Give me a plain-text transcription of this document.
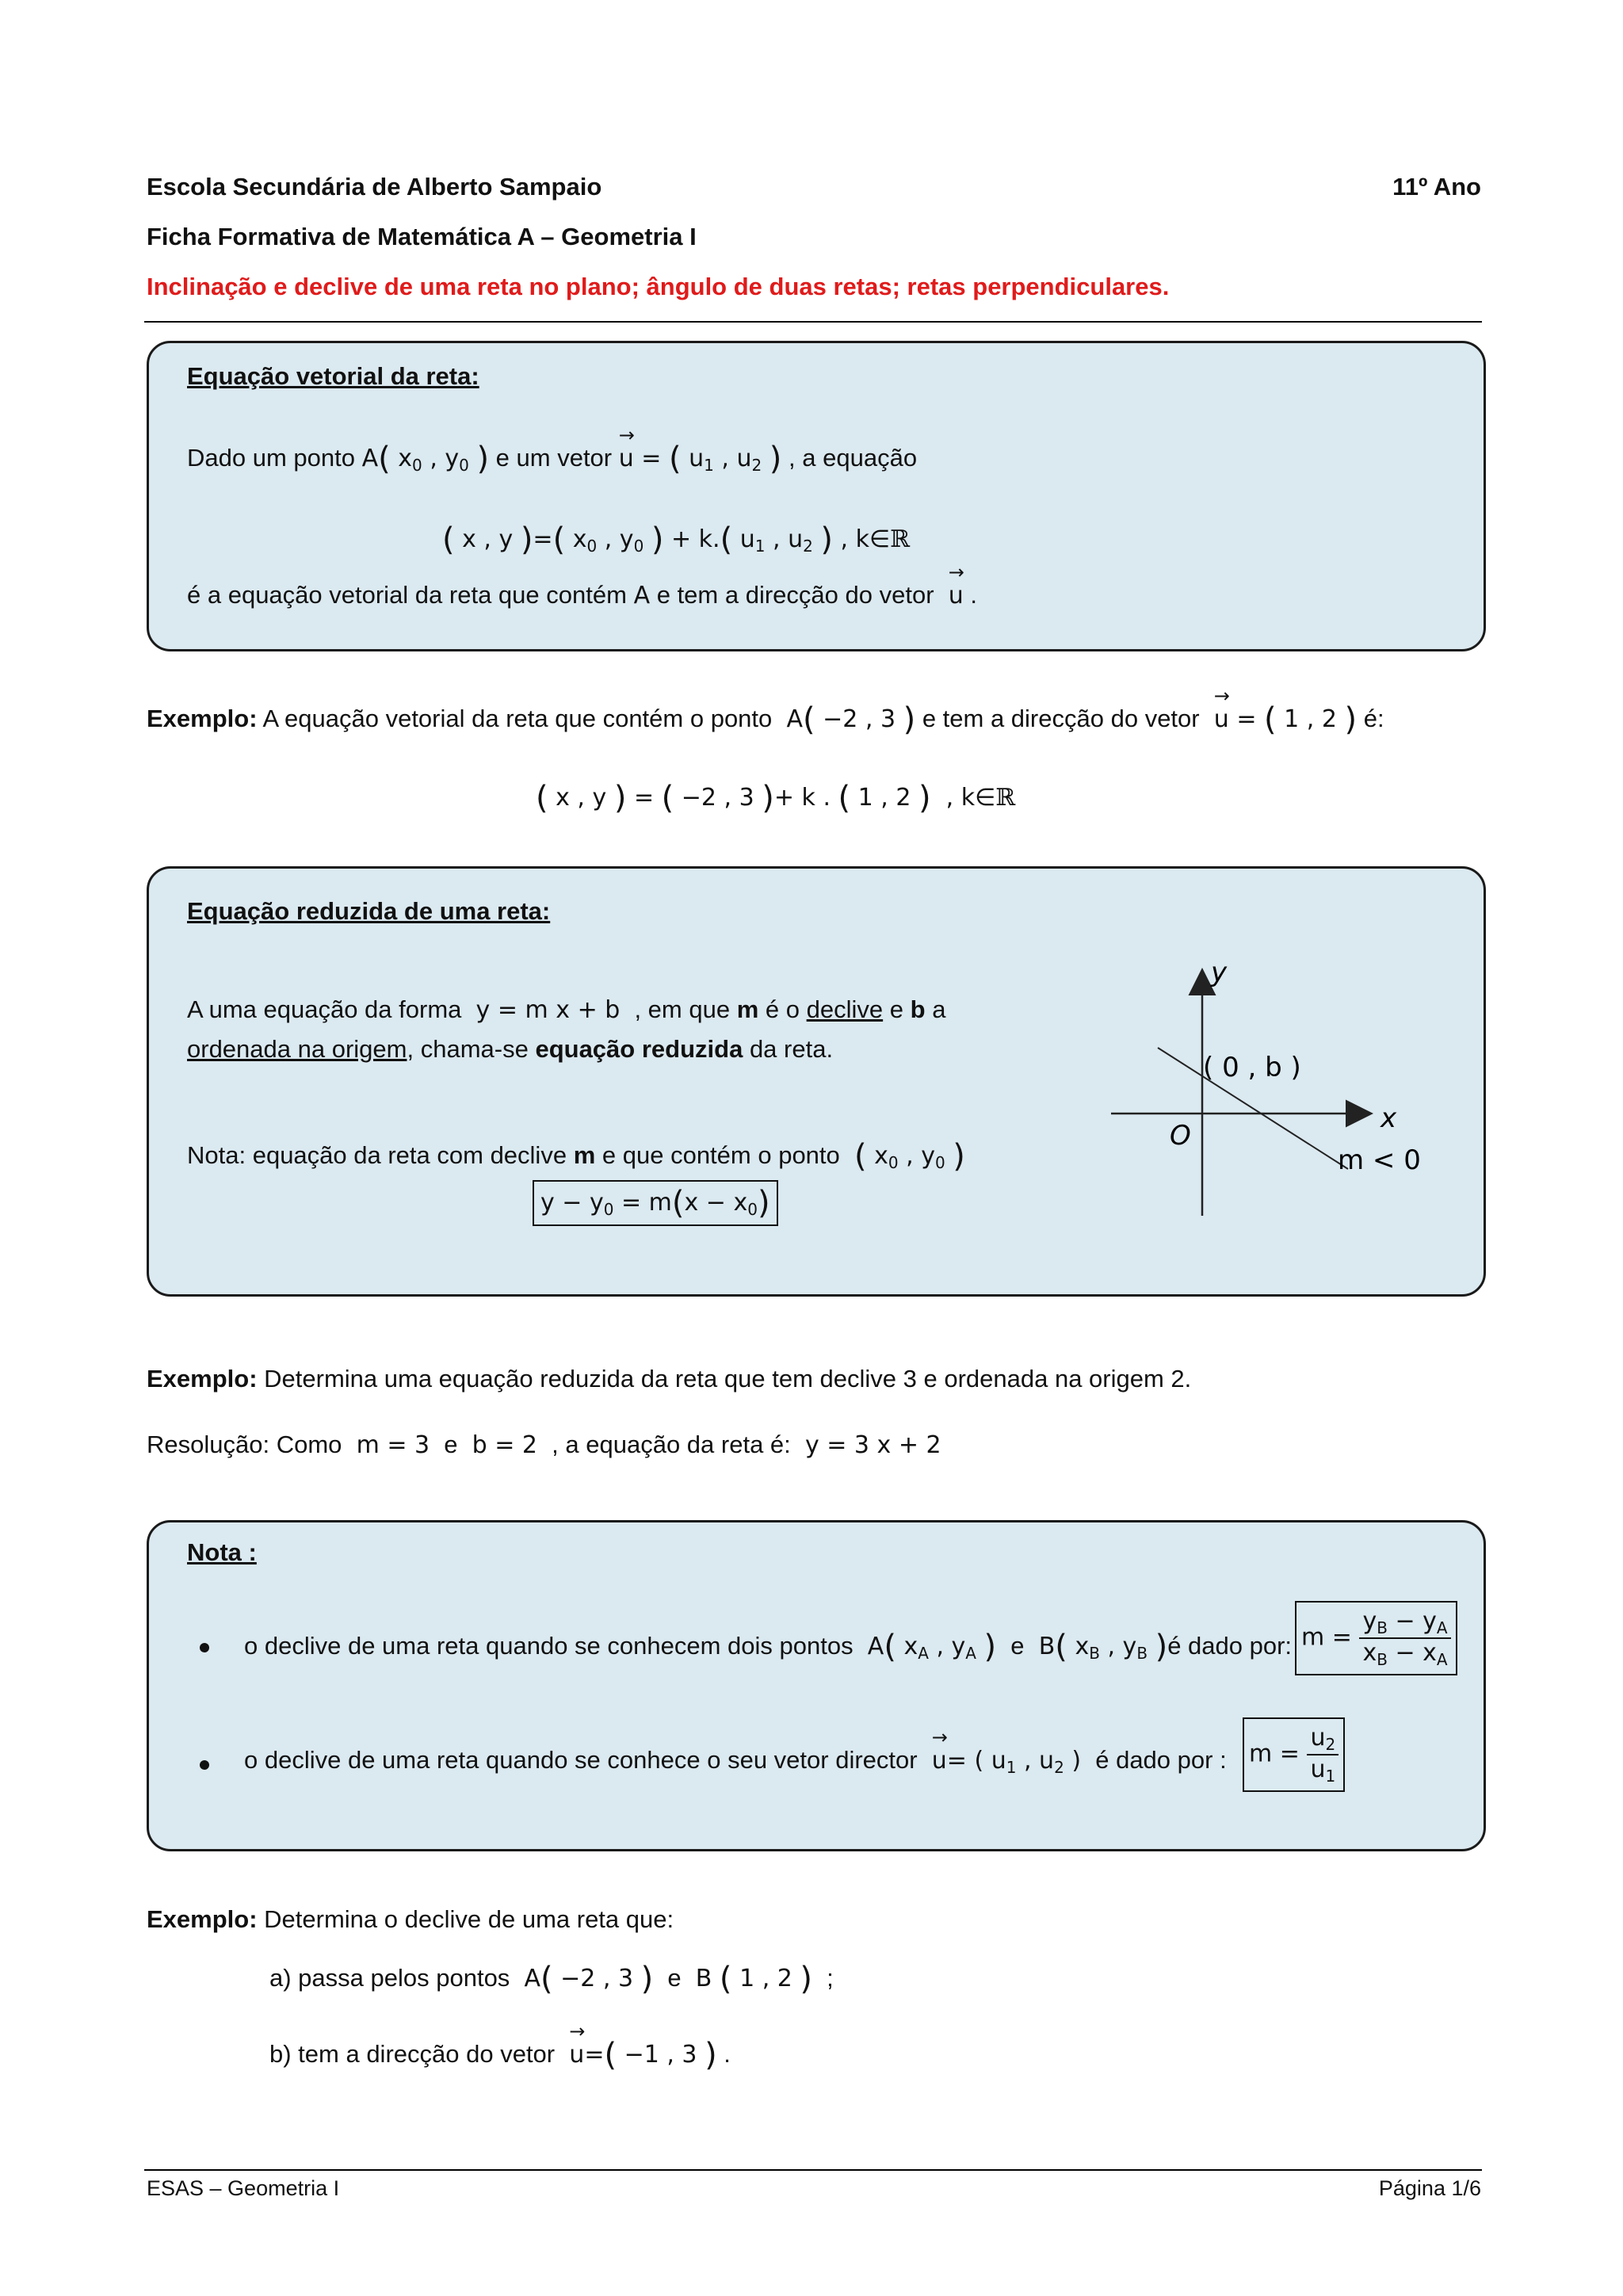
Escola Secundária de Alberto Sampaio	11º Ano
Ficha Formativa de Matemática A – Geometria I
Inclinação e declive de uma reta no plano; ângulo de duas retas; retas perpendiculares.
Equação vetorial da reta:
Dado um ponto A( $x_0$ , $y_0$ ) e um vetor → u = ( $u_1$ , $u_2$ ) , a equação
( x , y )=( $x_0$ , $y_0$ ) + k.( $u_1$ , $u_2$ ) , k∈ℝ
é a equação vetorial da reta que contém A e tem a direcção do vetor → u .
Exemplo: A equação vetorial da reta que contém o ponto  A( −2 , 3 ) e tem a direcção do vetor → u = ( 1 , 2 ) é:
( x , y ) = ( −2 , 3 )+ k . ( 1 , 2 )  , k∈ℝ
Equação reduzida de uma reta:
A uma equação da forma  y = m x + b  , em que m é o declive e b a
ordenada na origem, chama-se equação reduzida da reta.
Nota: equação da reta com declive m e que contém o ponto ( $x_0$ , $y_0$ )
$y - y_0 = m(x - x_0)$
y
x
O
( 0 , b )
m < 0
Exemplo: Determina uma equação reduzida da reta que tem declive 3 e ordenada na origem 2.
Resolução: Como  m = 3  e  b = 2  , a equação da reta é:  y = 3 x + 2
Nota :
o declive de uma reta quando se conhecem dois pontos  A( $x_A$ , $y_A$ ) e  B( $x_B$ , $y_B$ )é dado por: $m = \frac{y_B - y_A}{x_B - x_A}$
o declive de uma reta quando se conhece o seu vetor director → u= ( $u_1$ , $u_2$ )  é dado por : $m = \frac{u_2}{u_1}$
Exemplo: Determina o declive de uma reta que:
a) passa pelos pontos  A( −2 , 3 ) e  B ( 1 , 2 ) ;
b) tem a direcção do vetor → u=( −1 , 3 ) .
ESAS – Geometria I	Página 1/6
